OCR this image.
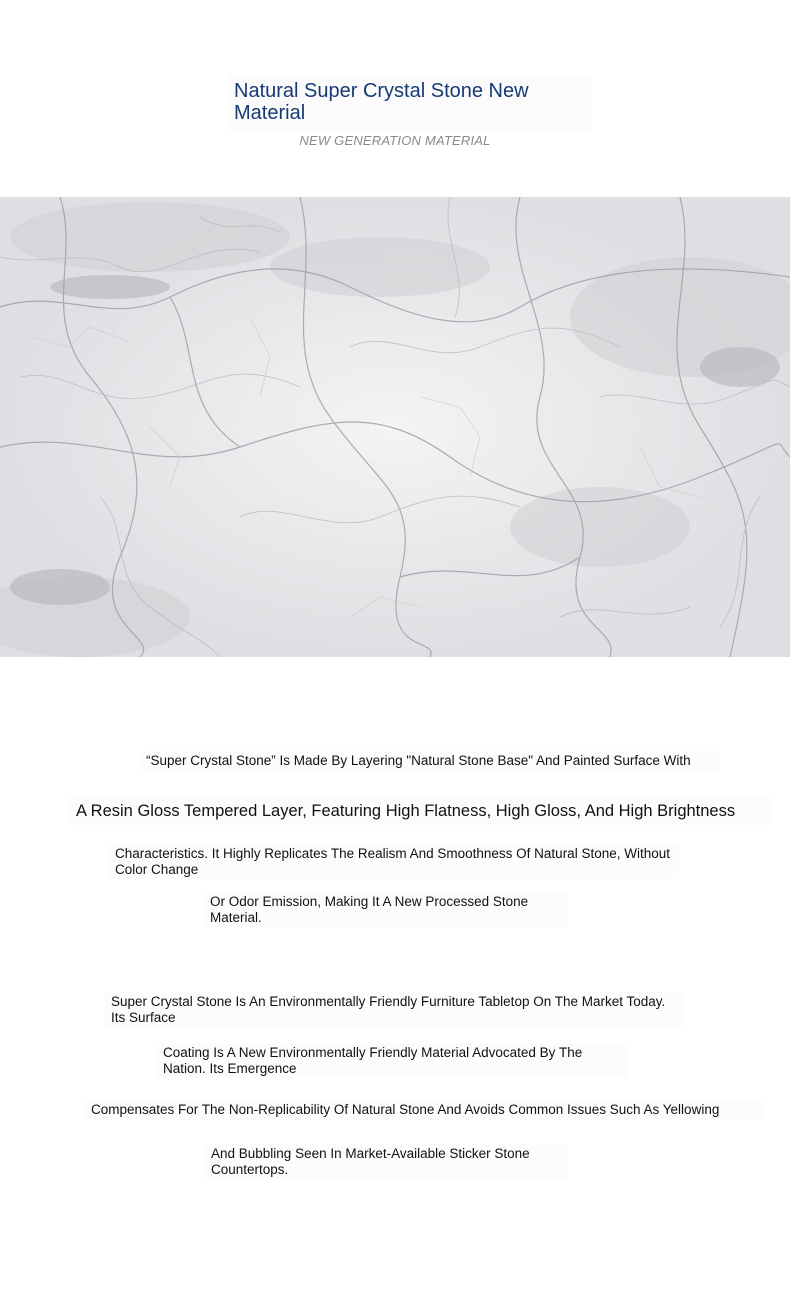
Natural Super Crystal Stone New Material
NEW GENERATION MATERIAL
“Super Crystal Stone” Is Made By Layering "Natural Stone Base" And Painted Surface With
A Resin Gloss Tempered Layer, Featuring High Flatness, High Gloss, And High Brightness
Characteristics. It Highly Replicates The Realism And Smoothness Of Natural Stone, Without Color Change
Or Odor Emission, Making It A New Processed Stone Material.
Super Crystal Stone Is An Environmentally Friendly Furniture Tabletop On The Market Today. Its Surface
Coating Is A New Environmentally Friendly Material Advocated By The Nation. Its Emergence
Compensates For The Non-Replicability Of Natural Stone And Avoids Common Issues Such As Yellowing
And Bubbling Seen In Market-Available Sticker Stone Countertops.
